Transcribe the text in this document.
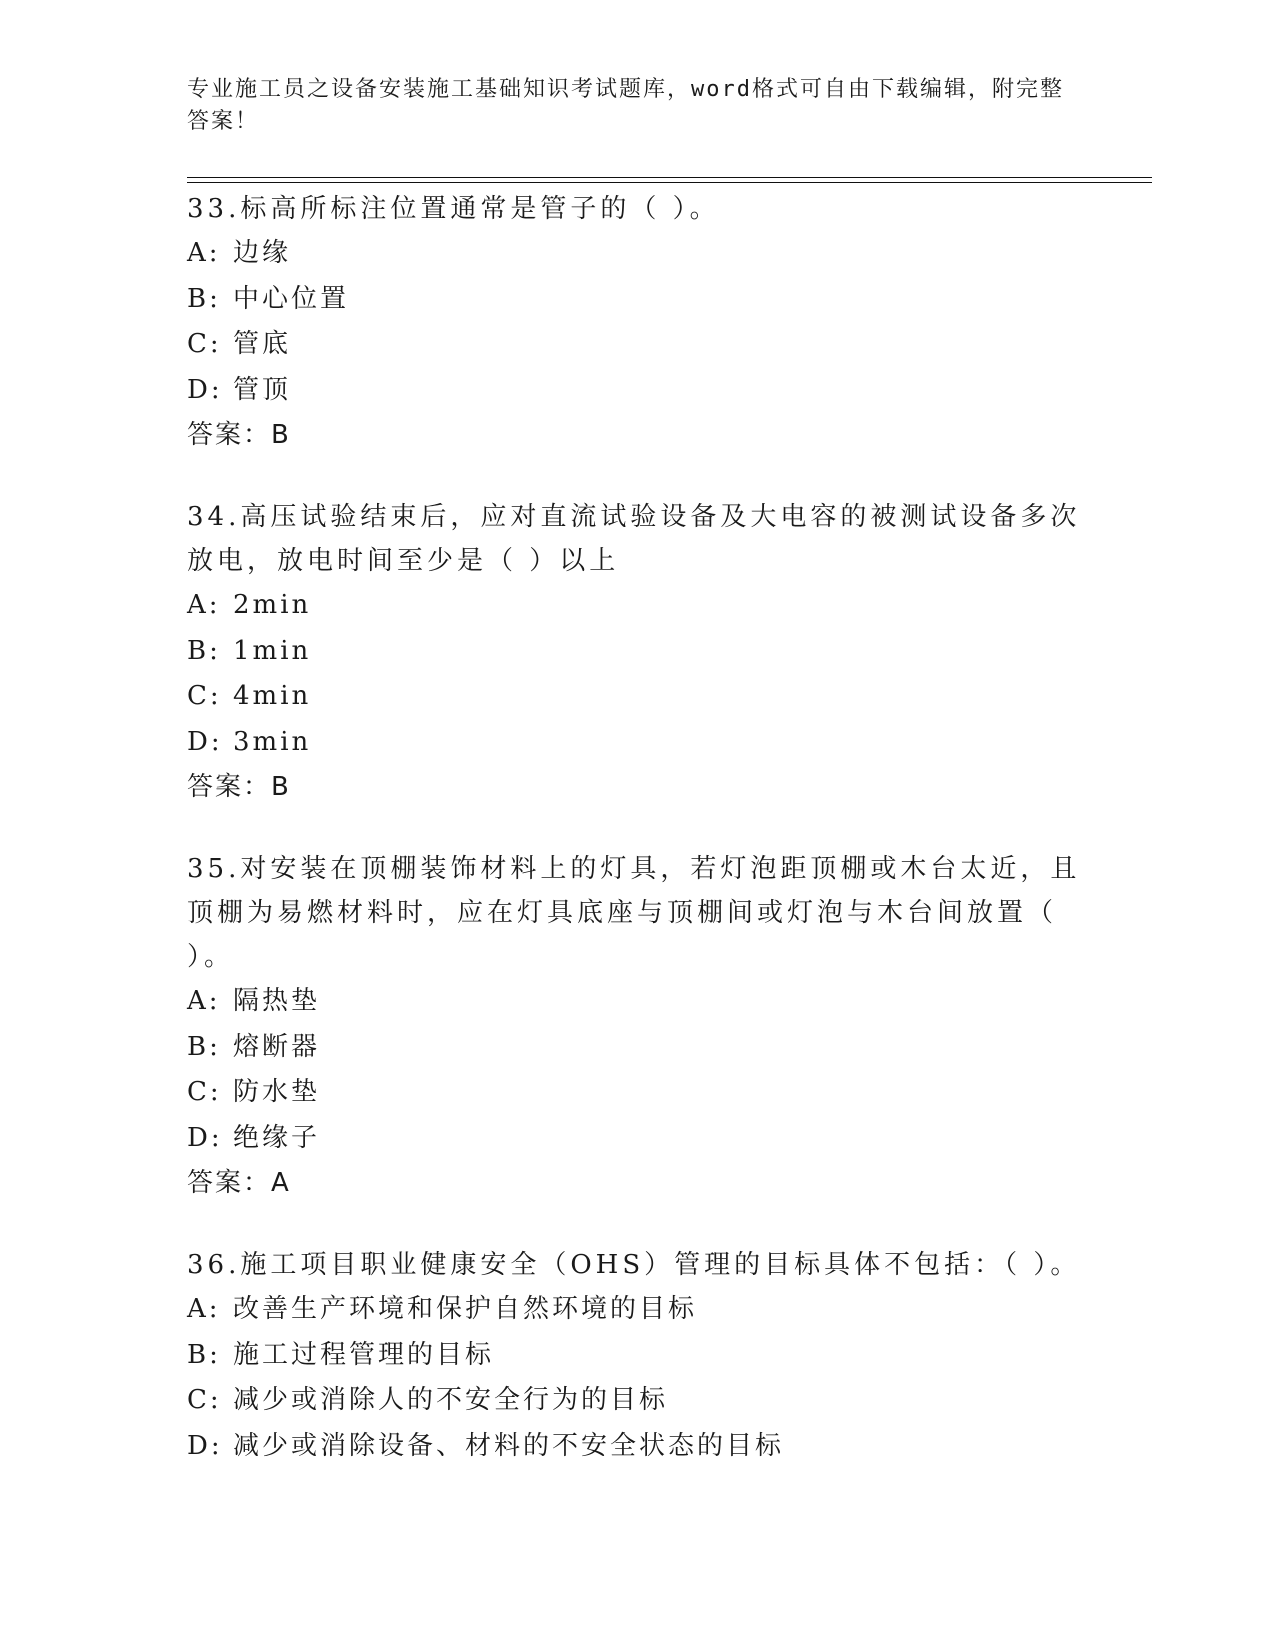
专业施工员之设备安装施工基础知识考试题库，word格式可自由下载编辑，附完整答案！

33.标高所标注位置通常是管子的（ ）。

A: 边缘

B: 中心位置

C: 管底

D: 管顶

答案：B

34.高压试验结束后，应对直流试验设备及大电容的被测试设备多次放电，放电时间至少是（ ）以上

A: 2min

B: 1min

C: 4min

D: 3min

答案：B

35.对安装在顶棚装饰材料上的灯具，若灯泡距顶棚或木台太近，且顶棚为易燃材料时，应在灯具底座与顶棚间或灯泡与木台间放置（ ）。

A: 隔热垫

B: 熔断器

C: 防水垫

D: 绝缘子

答案：A

36.施工项目职业健康安全（OHS）管理的目标具体不包括：（ ）。

A: 改善生产环境和保护自然环境的目标

B: 施工过程管理的目标

C: 减少或消除人的不安全行为的目标

D: 减少或消除设备、材料的不安全状态的目标
